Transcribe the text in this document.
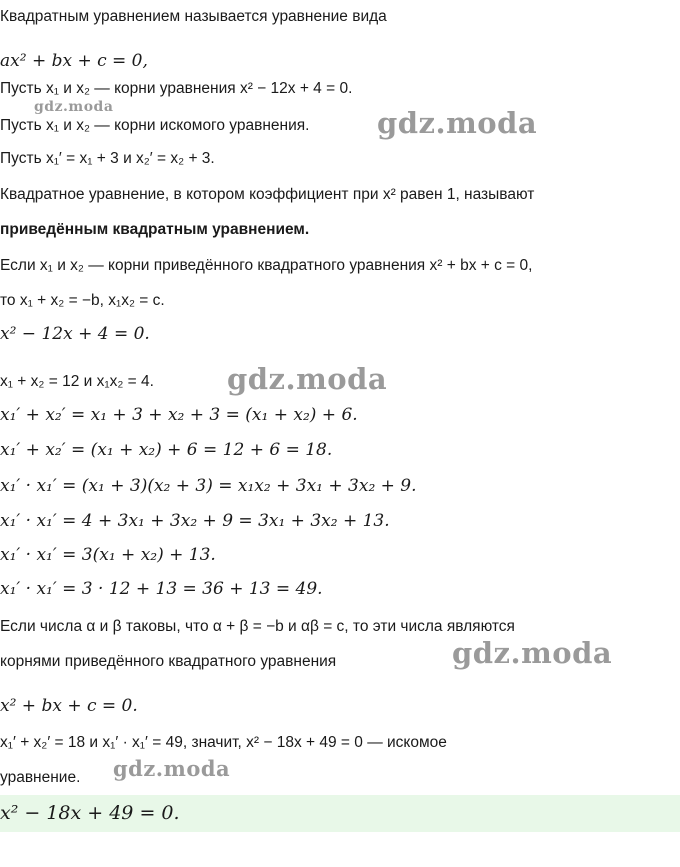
Квадратным уравнением называется уравнение вида
ax² + bx + c = 0,
Пусть x₁ и x₂ — корни уравнения x² − 12x + 4 = 0.
Пусть x₁ и x₂ — корни искомого уравнения.
Пусть x₁′ = x₁ + 3 и x₂′ = x₂ + 3.
Квадратное уравнение, в котором коэффициент при x² равен 1, называют
приведённым квадратным уравнением.
Если x₁ и x₂ — корни приведённого квадратного уравнения x² + bx + c = 0,
то x₁ + x₂ = −b, x₁x₂ = c.
x² − 12x + 4 = 0.
x₁ + x₂ = 12 и x₁x₂ = 4.
x₁′ + x₂′ = x₁ + 3 + x₂ + 3 = (x₁ + x₂) + 6.
x₁′ + x₂′ = (x₁ + x₂) + 6 = 12 + 6 = 18.
x₁′ · x₁′ = (x₁ + 3)(x₂ + 3) = x₁x₂ + 3x₁ + 3x₂ + 9.
x₁′ · x₁′ = 4 + 3x₁ + 3x₂ + 9 = 3x₁ + 3x₂ + 13.
x₁′ · x₁′ = 3(x₁ + x₂) + 13.
x₁′ · x₁′ = 3 · 12 + 13 = 36 + 13 = 49.
Если числа α и β таковы, что α + β = −b и αβ = c, то эти числа являются
корнями приведённого квадратного уравнения
x² + bx + c = 0.
x₁′ + x₂′ = 18 и x₁′ · x₁′ = 49, значит, x² − 18x + 49 = 0 — искомое
уравнение.
x² − 18x + 49 = 0.
gdz.moda	gdz.moda
gdz.moda
gdz.moda
gdz.moda
